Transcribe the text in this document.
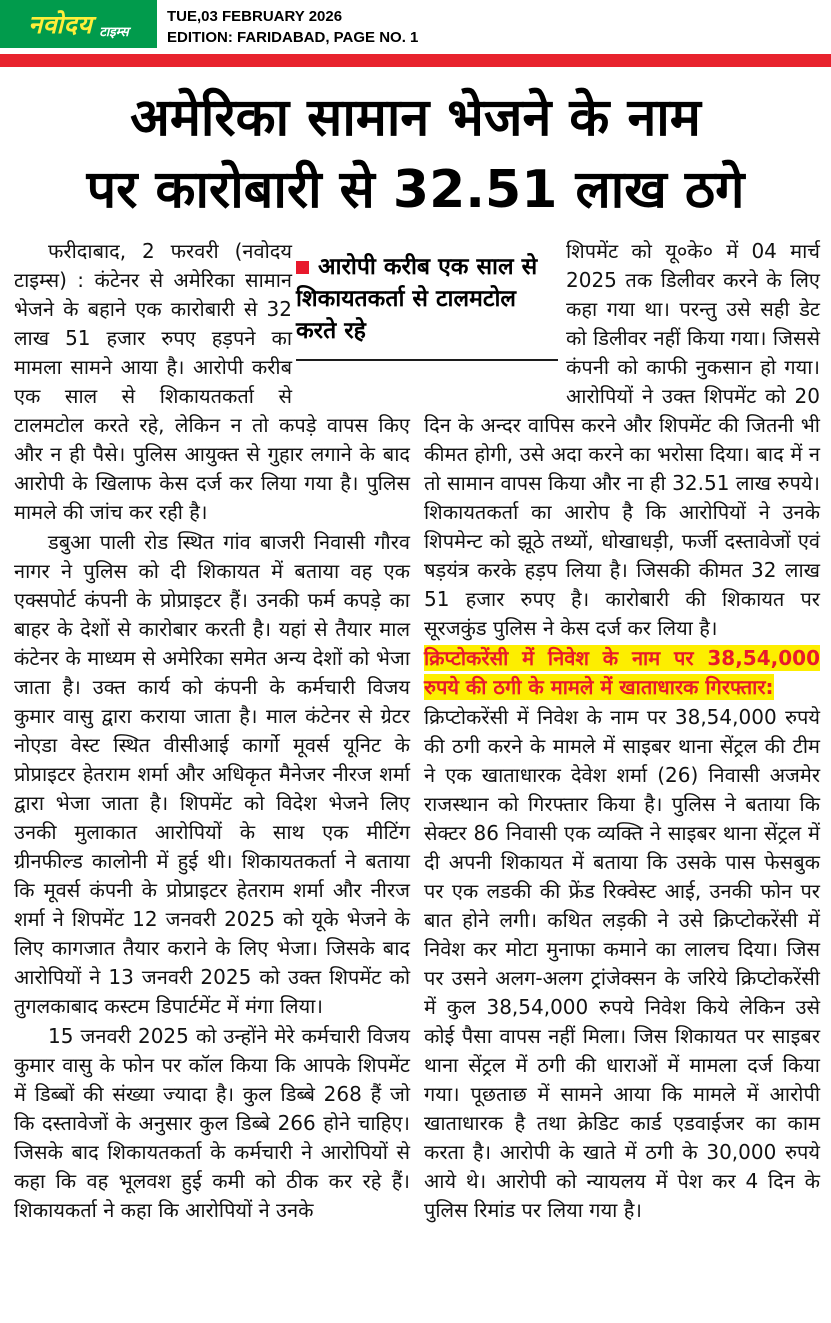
नवोदय टाइम्स
TUE,03 FEBRUARY 2026
EDITION: FARIDABAD, PAGE NO. 1
अमेरिका सामान भेजने के नाम
पर कारोबारी से 32.51 लाख ठगे
आरोपी करीब एक साल से शिकायतकर्ता से टालमटोल करते रहे

फरीदाबाद, 2 फरवरी (नवोदय टाइम्स) : कंटेनर से अमेरिका सामान भेजने के बहाने एक कारोबारी से 32 लाख 51 हजार रुपए हड़पने का मामला सामने आया है। आरोपी करीब एक साल से शिकायतकर्ता से टालमटोल करते रहे, लेकिन न तो कपड़े वापस किए और न ही पैसे। पुलिस आयुक्त से गुहार लगाने के बाद आरोपी के खिलाफ केस दर्ज कर लिया गया है। पुलिस मामले की जांच कर रही है।

डबुआ पाली रोड स्थित गांव बाजरी निवासी गौरव नागर ने पुलिस को दी शिकायत में बताया वह एक एक्सपोर्ट कंपनी के प्रोप्राइटर हैं। उनकी फर्म कपड़े का बाहर के देशों से कारोबार करती है। यहां से तैयार माल कंटेनर के माध्यम से अमेरिका समेत अन्य देशों को भेजा जाता है। उक्त कार्य को कंपनी के कर्मचारी विजय कुमार वासु द्वारा कराया जाता है। माल कंटेनर से ग्रेटर नोएडा वेस्ट स्थित वीसीआई कार्गो मूवर्स यूनिट के प्रोप्राइटर हेतराम शर्मा और अधिकृत मैनेजर नीरज शर्मा द्वारा भेजा जाता है। शिपमेंट को विदेश भेजने लिए उनकी मुलाकात आरोपियों के साथ एक मीटिंग ग्रीनफील्ड कालोनी में हुई थी। शिकायतकर्ता ने बताया कि मूवर्स कंपनी के प्रोप्राइटर हेतराम शर्मा और नीरज शर्मा ने शिपमेंट 12 जनवरी 2025 को यूके भेजने के लिए कागजात तैयार कराने के लिए भेजा। जिसके बाद आरोपियों ने 13 जनवरी 2025 को उक्त शिपमेंट को तुगलकाबाद कस्टम डिपार्टमेंट में मंगा लिया।

15 जनवरी 2025 को उन्होंने मेरे कर्मचारी विजय कुमार वासु के फोन पर कॉल किया कि आपके शिपमेंट में डिब्बों की संख्या ज्यादा है। कुल डिब्बे 268 हैं जो कि दस्तावेजों के अनुसार कुल डिब्बे 266 होने चाहिए। जिसके बाद शिकायतकर्ता के कर्मचारी ने आरोपियों से कहा कि वह भूलवश हुई कमी को ठीक कर रहे हैं। शिकायकर्ता ने कहा कि आरोपियों ने उनके

शिपमेंट को यू०के० में 04 मार्च 2025 तक डिलीवर करने के लिए कहा गया था। परन्तु उसे सही डेट को डिलीवर नहीं किया गया। जिससे कंपनी को काफी नुकसान हो गया। आरोपियों ने उक्त शिपमेंट को 20 दिन के अन्दर वापिस करने और शिपमेंट की जितनी भी कीमत होगी, उसे अदा करने का भरोसा दिया। बाद में न तो सामान वापस किया और ना ही 32.51 लाख रुपये। शिकायतकर्ता का आरोप है कि आरोपियों ने उनके शिपमेन्ट को झूठे तथ्यों, धोखाधड़ी, फर्जी दस्तावेजों एवं षड़यंत्र करके हड़प लिया है। जिसकी कीमत 32 लाख 51 हजार रुपए है। कारोबारी की शिकायत पर सूरजकुंड पुलिस ने केस दर्ज कर लिया है।

क्रिप्टोकरेंसी में निवेश के नाम पर 38,54,000 रुपये की ठगी के मामले में खाताधारक गिरफ्तार:

क्रिप्टोकरेंसी में निवेश के नाम पर 38,54,000 रुपये की ठगी करने के मामले में साइबर थाना सेंट्रल की टीम ने एक खाताधारक देवेश शर्मा (26) निवासी अजमेर राजस्थान को गिरफ्तार किया है। पुलिस ने बताया कि सेक्टर 86 निवासी एक व्यक्ति ने साइबर थाना सेंट्रल में दी अपनी शिकायत में बताया कि उसके पास फेसबुक पर एक लडकी की फ्रेंड रिक्वेस्ट आई, उनकी फोन पर बात होने लगी। कथित लड़की ने उसे क्रिप्टोकरेंसी में निवेश कर मोटा मुनाफा कमाने का लालच दिया। जिस पर उसने अलग-अलग ट्रांजेक्सन के जरिये क्रिप्टोकरेंसी में कुल 38,54,000 रुपये निवेश किये लेकिन उसे कोई पैसा वापस नहीं मिला। जिस शिकायत पर साइबर थाना सेंट्रल में ठगी की धाराओं में मामला दर्ज किया गया। पूछताछ में सामने आया कि मामले में आरोपी खाताधारक है तथा क्रेडिट कार्ड एडवाईजर का काम करता है। आरोपी के खाते में ठगी के 30,000 रुपये आये थे। आरोपी को न्यायलय में पेश कर 4 दिन के पुलिस रिमांड पर लिया गया है।
